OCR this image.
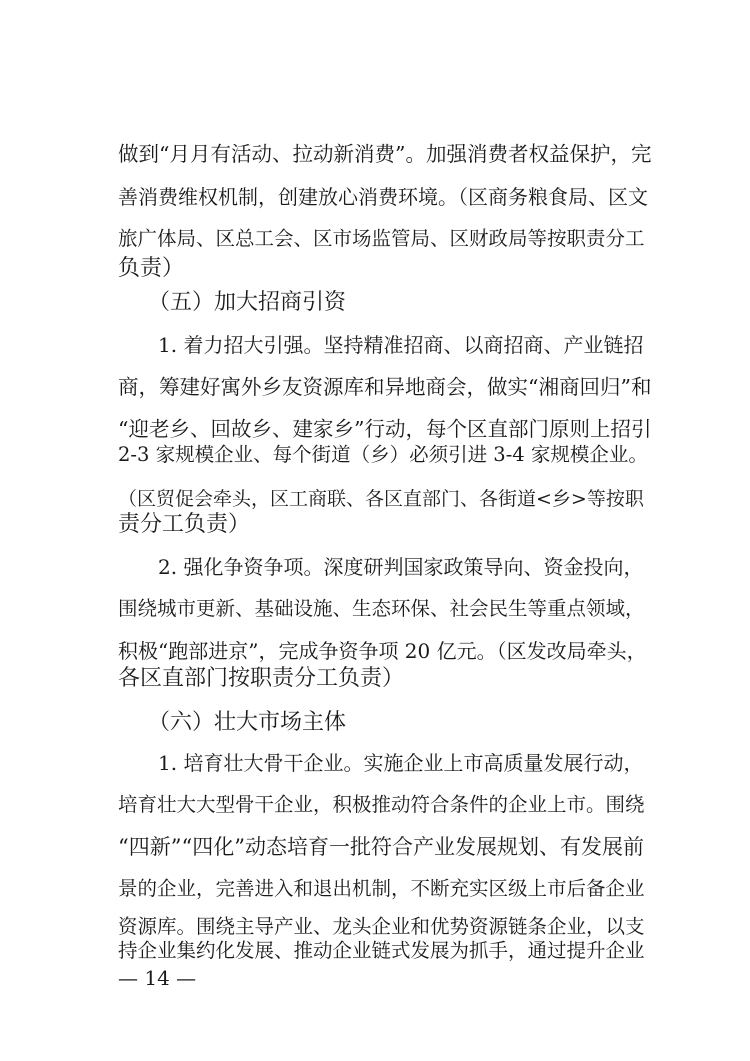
做到“月月有活动、拉动新消费”。加强消费者权益保护，完
善消费维权机制，创建放心消费环境。（区商务粮食局、区文
旅广体局、区总工会、区市场监管局、区财政局等按职责分工
负责）
（五）加大招商引资
1. 着力招大引强。坚持精准招商、以商招商、产业链招
商，筹建好寓外乡友资源库和异地商会，做实“湘商回归”和
“迎老乡、回故乡、建家乡”行动，每个区直部门原则上招引
2-3 家规模企业、每个街道（乡）必须引进 3-4 家规模企业。
（区贸促会牵头，区工商联、各区直部门、各街道<乡>等按职
责分工负责）
2. 强化争资争项。深度研判国家政策导向、资金投向，
围绕城市更新、基础设施、生态环保、社会民生等重点领域，
积极“跑部进京”，完成争资争项 20 亿元。（区发改局牵头，
各区直部门按职责分工负责）
（六）壮大市场主体
1. 培育壮大骨干企业。实施企业上市高质量发展行动，
培育壮大大型骨干企业，积极推动符合条件的企业上市。围绕
“四新”“四化”动态培育一批符合产业发展规划、有发展前
景的企业，完善进入和退出机制，不断充实区级上市后备企业
资源库。围绕主导产业、龙头企业和优势资源链条企业，以支
持企业集约化发展、推动企业链式发展为抓手，通过提升企业
— 14 —
